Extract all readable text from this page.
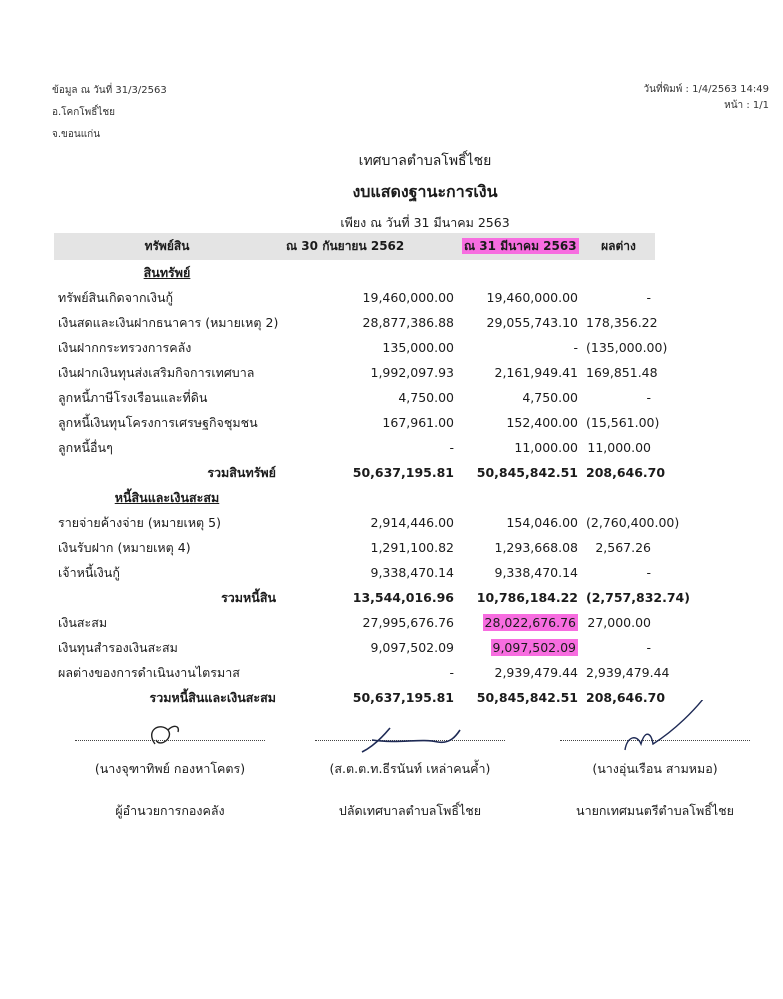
ข้อมูล ณ วันที่ 31/3/2563
อ.โคกโพธิ์ไชย
จ.ขอนแก่น
วันที่พิมพ์ : 1/4/2563 14:49
หน้า : 1/1
เทศบาลตำบลโพธิ์ไชย
งบแสดงฐานะการเงิน
เพียง ณ วันที่ 31 มีนาคม 2563
ทรัพย์สิน	ณ 30 กันยายน 2562	ณ 31 มีนาคม 2563	ผลต่าง
สินทรัพย์			
ทรัพย์สินเกิดจากเงินกู้	19,460,000.00	19,460,000.00	-
เงินสดและเงินฝากธนาคาร (หมายเหตุ 2)	28,877,386.88	29,055,743.10	178,356.22
เงินฝากกระทรวงการคลัง	135,000.00	-	(135,000.00)
เงินฝากเงินทุนส่งเสริมกิจการเทศบาล	1,992,097.93	2,161,949.41	169,851.48
ลูกหนี้ภาษีโรงเรือนและที่ดิน	4,750.00	4,750.00	-
ลูกหนี้เงินทุนโครงการเศรษฐกิจชุมชน	167,961.00	152,400.00	(15,561.00)
ลูกหนี้อื่นๆ	-	11,000.00	11,000.00
รวมสินทรัพย์	50,637,195.81	50,845,842.51	208,646.70
หนี้สินและเงินสะสม			
รายจ่ายค้างจ่าย (หมายเหตุ 5)	2,914,446.00	154,046.00	(2,760,400.00)
เงินรับฝาก (หมายเหตุ 4)	1,291,100.82	1,293,668.08	2,567.26
เจ้าหนี้เงินกู้	9,338,470.14	9,338,470.14	-
รวมหนี้สิน	13,544,016.96	10,786,184.22	(2,757,832.74)
เงินสะสม	27,995,676.76	28,022,676.76	27,000.00
เงินทุนสำรองเงินสะสม	9,097,502.09	9,097,502.09	-
ผลต่างของการดำเนินงานไตรมาส	-	2,939,479.44	2,939,479.44
รวมหนี้สินและเงินสะสม	50,637,195.81	50,845,842.51	208,646.70
(นางจุฑาทิพย์ กองหาโคตร)
ผู้อำนวยการกองคลัง
(ส.ต.ต.ท.ธีรนันท์ เหล่าคนค้ำ)
ปลัดเทศบาลตำบลโพธิ์ไชย
(นางอุ่นเรือน สามหมอ)
นายกเทศมนตรีตำบลโพธิ์ไชย
